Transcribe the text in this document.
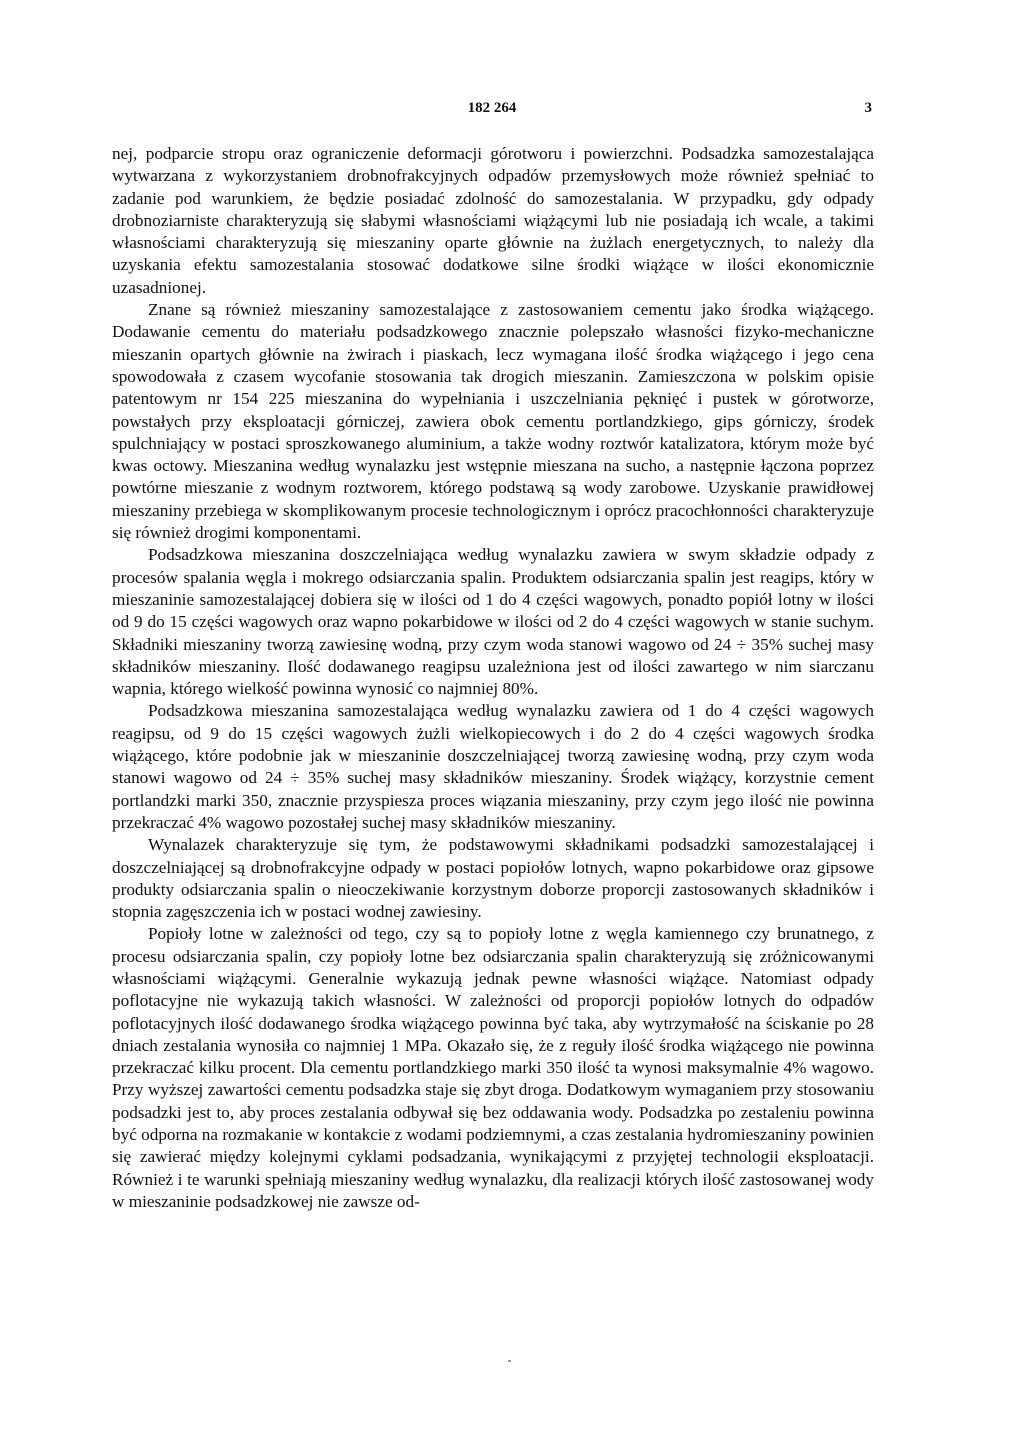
182 264	3

nej, podparcie stropu oraz ograniczenie deformacji górotworu i powierzchni. Podsadzka samozestalająca wytwarzana z wykorzystaniem drobnofrakcyjnych odpadów przemysłowych może również spełniać to zadanie pod warunkiem, że będzie posiadać zdolność do samozestalania. W przypadku, gdy odpady drobnoziarniste charakteryzują się słabymi własnościami wiążącymi lub nie posiadają ich wcale, a takimi własnościami charakteryzują się mieszaniny oparte głównie na żużlach energetycznych, to należy dla uzyskania efektu samozestalania stosować dodatkowe silne środki wiążące w ilości ekonomicznie uzasadnionej.

Znane są również mieszaniny samozestalające z zastosowaniem cementu jako środka wiążącego. Dodawanie cementu do materiału podsadzkowego znacznie polepszało własności fizyko-mechaniczne mieszanin opartych głównie na żwirach i piaskach, lecz wymagana ilość środka wiążącego i jego cena spowodowała z czasem wycofanie stosowania tak drogich mieszanin. Zamieszczona w polskim opisie patentowym nr 154 225 mieszanina do wypełniania i uszczelniania pęknięć i pustek w górotworze, powstałych przy eksploatacji górniczej, zawiera obok cementu portlandzkiego, gips górniczy, środek spulchniający w postaci sproszkowanego aluminium, a także wodny roztwór katalizatora, którym może być kwas octowy. Mieszanina według wynalazku jest wstępnie mieszana na sucho, a następnie łączona poprzez powtórne mieszanie z wodnym roztworem, którego podstawą są wody zarobowe. Uzyskanie prawidłowej mieszaniny przebiega w skomplikowanym procesie technologicznym i oprócz pracochłonności charakteryzuje się również drogimi komponentami.

Podsadzkowa mieszanina doszczelniająca według wynalazku zawiera w swym składzie odpady z procesów spalania węgla i mokrego odsiarczania spalin. Produktem odsiarczania spalin jest reagips, który w mieszaninie samozestalającej dobiera się w ilości od 1 do 4 części wagowych, ponadto popiół lotny w ilości od 9 do 15 części wagowych oraz wapno pokarbidowe w ilości od 2 do 4 części wagowych w stanie suchym. Składniki mieszaniny tworzą zawiesinę wodną, przy czym woda stanowi wagowo od 24 ÷ 35% suchej masy składników mieszaniny. Ilość dodawanego reagipsu uzależniona jest od ilości zawartego w nim siarczanu wapnia, którego wielkość powinna wynosić co najmniej 80%.

Podsadzkowa mieszanina samozestalająca według wynalazku zawiera od 1 do 4 części wagowych reagipsu, od 9 do 15 części wagowych żużli wielkopiecowych i do 2 do 4 części wagowych środka wiążącego, które podobnie jak w mieszaninie doszczelniającej tworzą zawiesinę wodną, przy czym woda stanowi wagowo od 24 ÷ 35% suchej masy składników mieszaniny. Środek wiążący, korzystnie cement portlandzki marki 350, znacznie przyspiesza proces wiązania mieszaniny, przy czym jego ilość nie powinna przekraczać 4% wagowo pozostałej suchej masy składników mieszaniny.

Wynalazek charakteryzuje się tym, że podstawowymi składnikami podsadzki samozestalającej i doszczelniającej są drobnofrakcyjne odpady w postaci popiołów lotnych, wapno pokarbidowe oraz gipsowe produkty odsiarczania spalin o nieoczekiwanie korzystnym doborze proporcji zastosowanych składników i stopnia zagęszczenia ich w postaci wodnej zawiesiny.

Popioły lotne w zależności od tego, czy są to popioły lotne z węgla kamiennego czy brunatnego, z procesu odsiarczania spalin, czy popioły lotne bez odsiarczania spalin charakteryzują się zróżnicowanymi własnościami wiążącymi. Generalnie wykazują jednak pewne własności wiążące. Natomiast odpady poflotacyjne nie wykazują takich własności. W zależności od proporcji popiołów lotnych do odpadów poflotacyjnych ilość dodawanego środka wiążącego powinna być taka, aby wytrzymałość na ściskanie po 28 dniach zestalania wynosiła co najmniej 1 MPa. Okazało się, że z reguły ilość środka wiążącego nie powinna przekraczać kilku procent. Dla cementu portlandzkiego marki 350 ilość ta wynosi maksymalnie 4% wagowo. Przy wyższej zawartości cementu podsadzka staje się zbyt droga. Dodatkowym wymaganiem przy stosowaniu podsadzki jest to, aby proces zestalania odbywał się bez oddawania wody. Podsadzka po zestaleniu powinna być odporna na rozmakanie w kontakcie z wodami podziemnymi, a czas zestalania hydromieszaniny powinien się zawierać między kolejnymi cyklami podsadzania, wynikającymi z przyjętej technologii eksploatacji. Również i te warunki spełniają mieszaniny według wynalazku, dla realizacji których ilość zastosowanej wody w mieszaninie podsadzkowej nie zawsze od-
